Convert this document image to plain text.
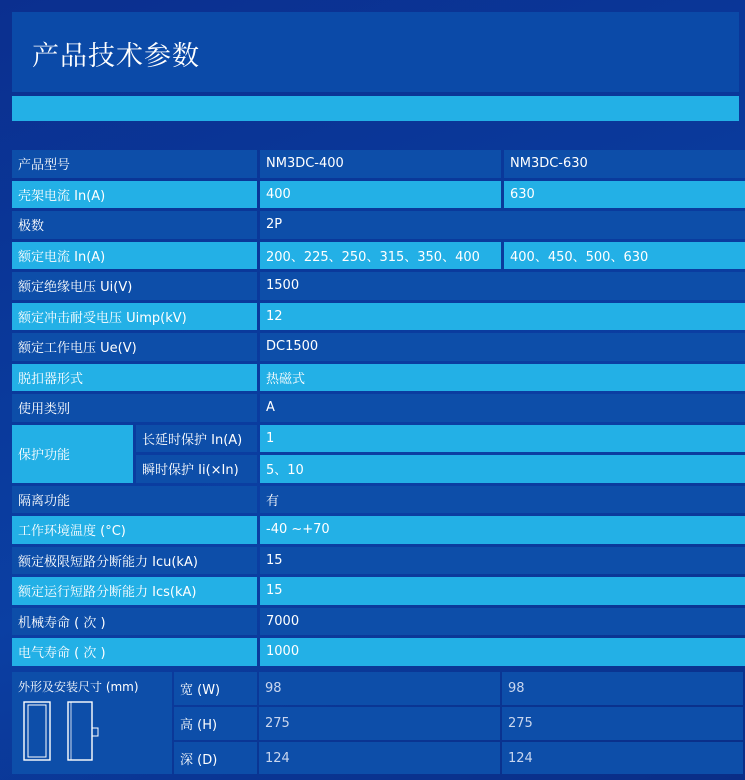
产品技术参数
产品型号	NM3DC-400	NM3DC-630
壳架电流 In(A)	400	630
极数	2P
额定电流 In(A)	200、225、250、315、350、400	400、450、500、630
额定绝缘电压 Ui(V)	1500
额定冲击耐受电压 Uimp(kV)	12
额定工作电压 Ue(V)	DC1500
脱扣器形式	热磁式
使用类别	A
保护功能
长延时保护 In(A)	1
瞬时保护 Ii(×In)	5、10
隔离功能	有
工作环境温度 (°C)	-40 ~+70
额定极限短路分断能力 Icu(kA)	15
额定运行短路分断能力 Ics(kA)	15
机械寿命 ( 次 )	7000
电气寿命 ( 次 )	1000
外形及安装尺寸 (mm)	宽 (W)	98	98
高 (H)	275	275
深 (D)	124	124
